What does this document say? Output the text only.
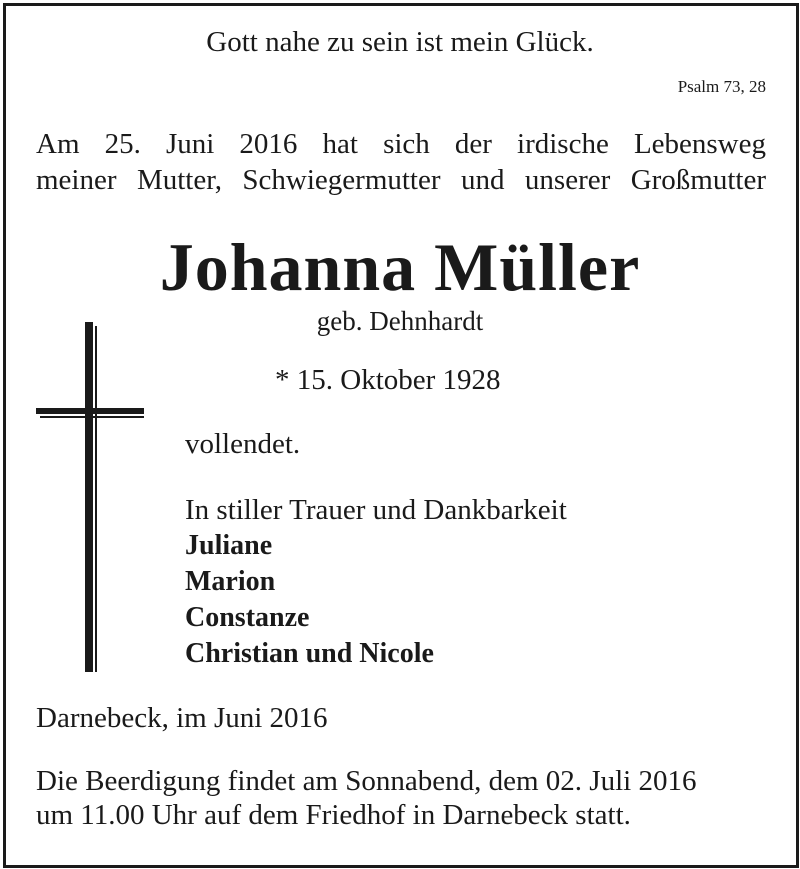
Gott nahe zu sein ist mein Glück.
Psalm 73, 28
Am 25. Juni 2016 hat sich der irdische Lebensweg
meiner Mutter, Schwiegermutter und unserer Großmutter
Johanna Müller
geb. Dehnhardt
* 15. Oktober 1928
vollendet.
In stiller Trauer und Dankbarkeit
Juliane
Marion
Constanze
Christian und Nicole
Darnebeck, im Juni 2016
Die Beerdigung findet am Sonnabend, dem 02. Juli 2016
um 11.00 Uhr auf dem Friedhof in Darnebeck statt.
